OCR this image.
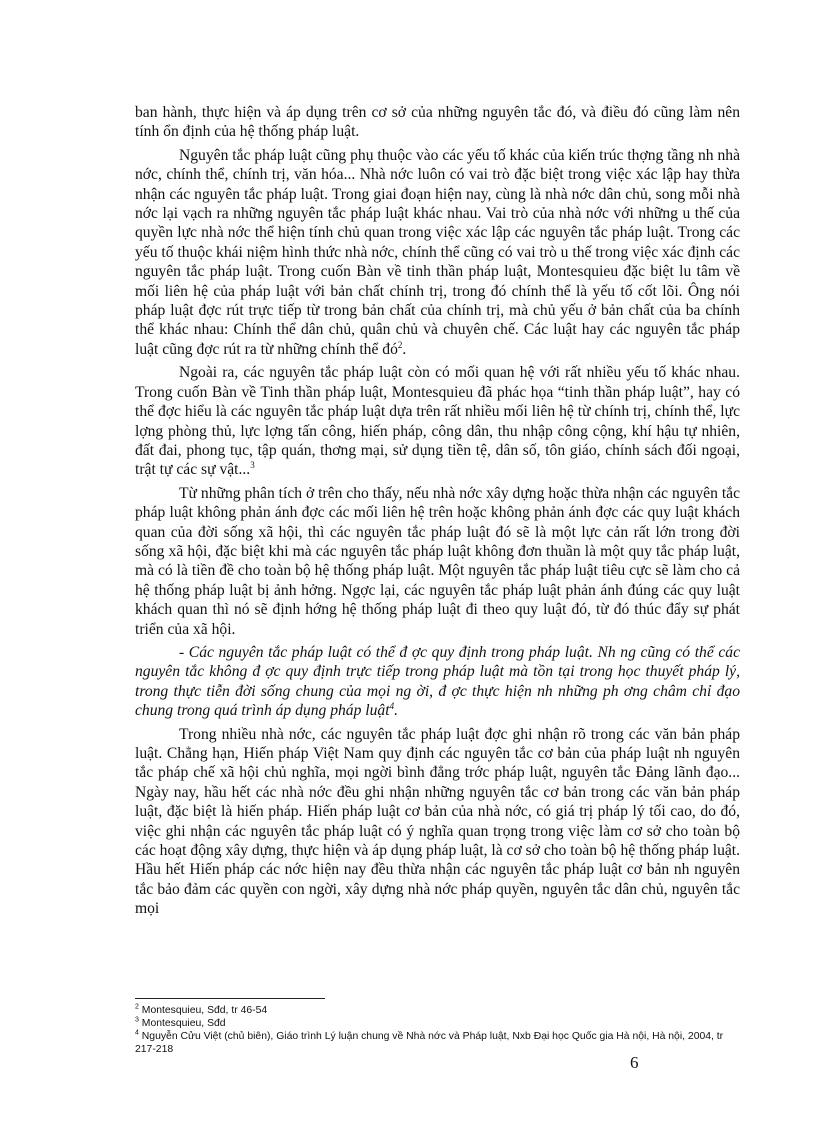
ban hành, thực hiện và áp dụng trên cơ sở của những nguyên tắc đó, và điều đó cũng làm nên tính ổn định của hệ thống pháp luật.

Nguyên tắc pháp luật cũng phụ thuộc vào các yếu tố khác của kiến trúc thợng tầng nh nhà nớc, chính thể, chính trị, văn hóa... Nhà nớc luôn có vai trò đặc biệt trong việc xác lập hay thừa nhận các nguyên tắc pháp luật. Trong giai đoạn hiện nay, cùng là nhà nớc dân chủ, song mỗi nhà nớc lại vạch ra những nguyên tắc pháp luật khác nhau. Vai trò của nhà nớc với những u thế của quyền lực nhà nớc thể hiện tính chủ quan trong việc xác lập các nguyên tắc pháp luật. Trong các yếu tố thuộc khái niệm hình thức nhà nớc, chính thể cũng có vai trò u thế trong việc xác định các nguyên tắc pháp luật. Trong cuốn Bàn về tinh thần pháp luật, Montesquieu đặc biệt lu tâm về mối liên hệ của pháp luật với bản chất chính trị, trong đó chính thể là yếu tố cốt lõi. Ông nói pháp luật đợc rút trực tiếp từ trong bản chất của chính trị, mà chủ yếu ở bản chất của ba chính thể khác nhau: Chính thể dân chủ, quân chủ và chuyên chế. Các luật hay các nguyên tắc pháp luật cũng đợc rút ra từ những chính thể $đó^2$.

Ngoài ra, các nguyên tắc pháp luật còn có mối quan hệ với rất nhiều yếu tố khác nhau. Trong cuốn Bàn về Tinh thần pháp luật, Montesquieu đã phác họa “tinh thần pháp luật”, hay có thể đợc hiểu là các nguyên tắc pháp luật dựa trên rất nhiều mối liên hệ từ chính trị, chính thể, lực lợng phòng thủ, lực lợng tấn công, hiến pháp, công dân, thu nhập công cộng, khí hậu tự nhiên, đất đai, phong tục, tập quán, thơng mại, sử dụng tiền tệ, dân số, tôn giáo, chính sách đối ngoại, trật tự các sự vật...$^3$

Từ những phân tích ở trên cho thấy, nếu nhà nớc xây dựng hoặc thừa nhận các nguyên tắc pháp luật không phản ánh đợc các mối liên hệ trên hoặc không phản ánh đợc các quy luật khách quan của đời sống xã hội, thì các nguyên tắc pháp luật đó sẽ là một lực cản rất lớn trong đời sống xã hội, đặc biệt khi mà các nguyên tắc pháp luật không đơn thuần là một quy tắc pháp luật, mà có là tiền đề cho toàn bộ hệ thống pháp luật. Một nguyên tắc pháp luật tiêu cực sẽ làm cho cả hệ thống pháp luật bị ảnh hởng. Ngợc lại, các nguyên tắc pháp luật phản ánh đúng các quy luật khách quan thì nó sẽ định hớng hệ thống pháp luật đi theo quy luật đó, từ đó thúc đẩy sự phát triển của xã hội.

- Các nguyên tắc pháp luật có thể đ ợc quy định trong pháp luật. Nh ng cũng có thể các nguyên tắc không đ ợc quy định trực tiếp trong pháp luật mà tồn tại trong học thuyết pháp lý, trong thực tiễn đời sống chung của mọi ng ời, đ ợc thực hiện nh những ph ơng châm chỉ đạo chung trong quá trình áp dụng pháp luật$^4$.

Trong nhiều nhà nớc, các nguyên tắc pháp luật đợc ghi nhận rõ trong các văn bản pháp luật. Chẳng hạn, Hiến pháp Việt Nam quy định các nguyên tắc cơ bản của pháp luật nh nguyên tắc pháp chế xã hội chủ nghĩa, mọi ngời bình đẳng trớc pháp luật, nguyên tắc Đảng lãnh đạo... Ngày nay, hầu hết các nhà nớc đều ghi nhận những nguyên tắc cơ bản trong các văn bản pháp luật, đặc biệt là hiến pháp. Hiến pháp luật cơ bản của nhà nớc, có giá trị pháp lý tối cao, do đó, việc ghi nhận các nguyên tắc pháp luật có ý nghĩa quan trọng trong việc làm cơ sở cho toàn bộ các hoạt động xây dựng, thực hiện và áp dụng pháp luật, là cơ sở cho toàn bộ hệ thống pháp luật. Hầu hết Hiến pháp các nớc hiện nay đều thừa nhận các nguyên tắc pháp luật cơ bản nh nguyên tắc bảo đảm các quyền con ngời, xây dựng nhà nớc pháp quyền, nguyên tắc dân chủ, nguyên tắc mọi

$^2$ Montesquieu, Sđd, tr 46-54
$^3$ Montesquieu, Sđd
$^4$ Nguyễn Cửu Việt (chủ biên), Giáo trình Lý luận chung về Nhà nớc và Pháp luật, Nxb Đại học Quốc gia Hà nội, Hà nội, 2004, tr 217-218
6
